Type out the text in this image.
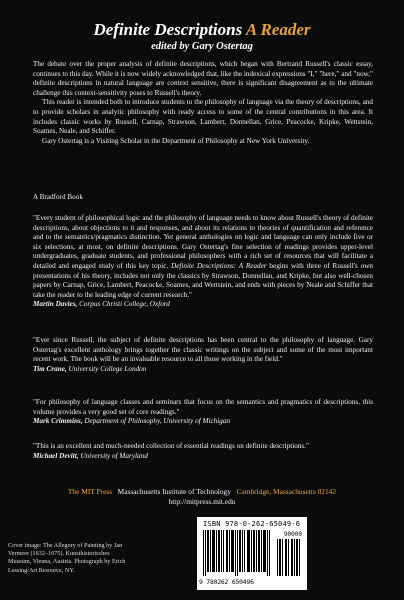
Definite Descriptions A Reader
edited by Gary Ostertag

The debate over the proper analysis of definite descriptions, which began with Bertrand Russell's classic essay, continues to this day. While it is now widely acknowledged that, like the indexical expressions "I," "here," and "now," definite descriptions in natural language are context sensitive, there is significant disagreement as to the ultimate challenge this context-sensitivity poses to Russell's theory.

This reader is intended both to introduce students to the philosophy of language via the theory of descriptions, and to provide scholars in analytic philosophy with ready access to some of the central contributions in this area. It includes classic works by Russell, Carnap, Strawson, Lambert, Donnellan, Grice, Peacocke, Kripke, Wettstein, Soames, Neale, and Schiffer.

Gary Ostertag is a Visiting Scholar in the Department of Philosophy at New York University.

A Bradford Book

"Every student of philosophical logic and the philosophy of language needs to know about Russell's theory of definite descriptions, about objections to it and responses, and about its relations to theories of quantification and reference and to the semantics/pragmatics distinction. Yet general anthologies on logic and language can only include five or six selections, at most, on definite descriptions. Gary Ostertag's fine selection of readings provides upper-level undergraduates, graduate students, and professional philosophers with a rich set of resources that will facilitate a detailed and engaged study of this key topic. Definite Descriptions: A Reader begins with three of Russell's own presentations of his theory, includes not only the classics by Strawson, Donnellan, and Kripke, but also well-chosen papers by Carnap, Grice, Lambert, Peacocke, Soames, and Wettstein, and ends with pieces by Neale and Schiffer that take the reader to the leading edge of current research."

Martin Davies, Corpus Christi College, Oxford

"Ever since Russell, the subject of definite descriptions has been central to the philosophy of language. Gary Ostertag's excellent anthology brings together the classic writings on the subject and some of the most important recent work. The book will be an invaluable resource to all those working in the field."

Tim Crane, University College London

"For philosophy of language classes and seminars that focus on the semantics and pragmatics of descriptions, this volume provides a very good set of core readings."

Mark Crimmins, Department of Philosophy, University of Michigan

"This is an excellent and much-needed collection of essential readings on definite descriptions."

Michael Devitt, University of Maryland
The MIT Press Massachusetts Institute of Technology Cambridge, Massachusetts 02142
http://mitpress.mit.edu
ISBN 978-0-262-65049-6
90000
9 780262 650496
Cover image: The Allegory of Painting by Jan Vermeer (1632–1675). Kunsthistorisches Museum, Vienna, Austria. Photograph by Erich Lessing/Art Resource, NY.
